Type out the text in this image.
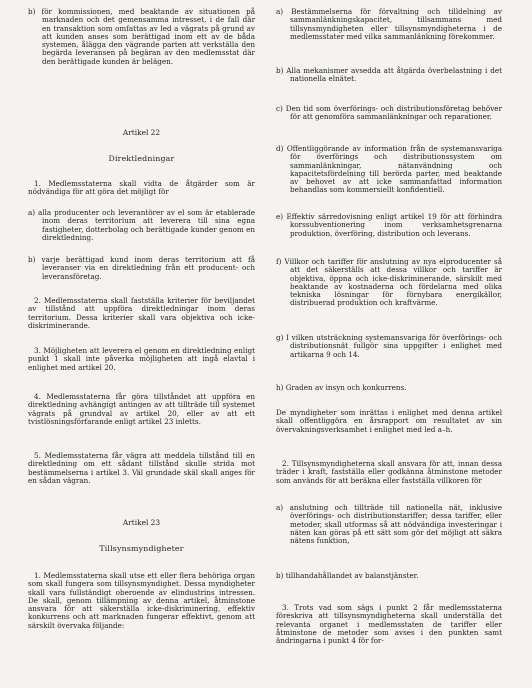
b) för kommissionen, med beaktande av situationen på marknaden och det gemensamma intresset, i de fall där en transaktion som omfattas av led a vägrats på grund av att kunden anses som berättigad inom ett av de båda systemen, ålägga den vägrande parten att verkställa den begärda leveransen på begäran av den medlemsstat där den berättigade kunden är belägen.

Artikel 22

Direktledningar

1. Medlemsstaterna skall vidta de åtgärder som är nödvändiga för att göra det möjligt för

a) alla producenter och leverantörer av el som är etablerade inom deras territorium att leverera till sina egna fastigheter, dotterbolag och berättigade kunder genom en direktledning.

b) varje berättigad kund inom deras territorium att få leveranser via en direktledning från ett producent- och leveransföretag.

2. Medlemsstaterna skall fastställa kriterier för beviljandet av tillstånd att uppföra direktledningar inom deras territorium. Dessa kriterier skall vara objektiva och icke-diskriminerande.

3. Möjligheten att leverera el genom en direktledning enligt punkt 1 skall inte påverka möjligheten att ingå elavtal i enlighet med artikel 20.

4. Medlemsstaterna får göra tillståndet att uppföra en direktledning avhängigt antingen av att tillträde till systemet vägrats på grundval av artikel 20, eller av att ett tvistlösningsförfarande enligt artikel 23 inletts.

5. Medlemsstaterna får vägra att meddela tillstånd till en direktledning om ett sådant tillstånd skulle strida mot bestämmelserna i artikel 3. Väl grundade skäl skall anges för en sådan vägran.

Artikel 23

Tillsynsmyndigheter

1. Medlemsstaterna skall utse ett eller flera behöriga organ som skall fungera som tillsynsmyndighet. Dessa myndigheter skall vara fullständigt oberoende av elindustrins intressen. De skall, genom tillämpning av denna artikel, åtminstone ansvara för att säkerställa icke-diskriminering, effektiv konkurrens och att marknaden fungerar effektivt, genom att särskilt övervaka följande:

a) Bestämmelserna för förvaltning och tilldelning av sammanlänkningskapacitet, tillsammans med tillsynsmyndigheten eller tillsynsmyndigheterna i de medlemsstater med vilka sammanlänkning förekommer.

b) Alla mekanismer avsedda att åtgärda överbelastning i det nationella elnätet.

c) Den tid som överförings- och distributionsföretag behöver för att genomföra sammanlänkningar och reparationer.

d) Offentliggörande av information från de systemansvariga för överförings och distributionssystem om sammanlänkningar, nätanvändning och kapacitetsfördelning till berörda parter, med beaktande av behovet av att icke sammanfattad information behandlas som kommersiellt konfidentiell.

e) Effektiv särredovisning enligt artikel 19 för att förhindra korssubventionering inom verksamhetsgrenarna produktion, överföring, distribution och leverans.

f) Villkor och tariffer för anslutning av nya elproducenter så att det säkerställs att dessa villkor och tariffer är objektiva, öppna och icke-diskriminerande, särskilt med beaktande av kostnaderna och fördelarna med olika tekniska lösningar för förnybara energikällor, distribuerad produktion och kraftvärme.

g) I vilken utsträckning systemansvariga för överförings- och distributionsnät fullgör sina uppgifter i enlighet med artikarna 9 och 14.

h) Graden av insyn och konkurrens.

De myndigheter som inrättas i enlighet med denna artikel skall offentliggöra en årsrapport om resultatet av sin övervakningsverksamhet i enlighet med led a–h.

2. Tillsynsmyndigheterna skall ansvara för att, innan dessa träder i kraft, fastställa eller godkänna åtminstone metoder som används för att beräkna eller fastställa villkoren för

a) anslutning och tillträde till nationella nät, inklusive överförings- och distributionstariffer; dessa tariffer, eller metoder, skall utformas så att nödvändiga investeringar i näten kan göras på ett sätt som gör det möjligt att säkra nätens funktion,

b) tillhandahållandet av balanstjänster.

3. Trots vad som sägs i punkt 2 får medlemsstaterna föreskriva att tillsynsmyndigheterna skall underställa det relevanta organet i medlemsstaten de tariffer eller åtminstone de metoder som avses i den punkten samt ändringarna i punkt 4 för for-
